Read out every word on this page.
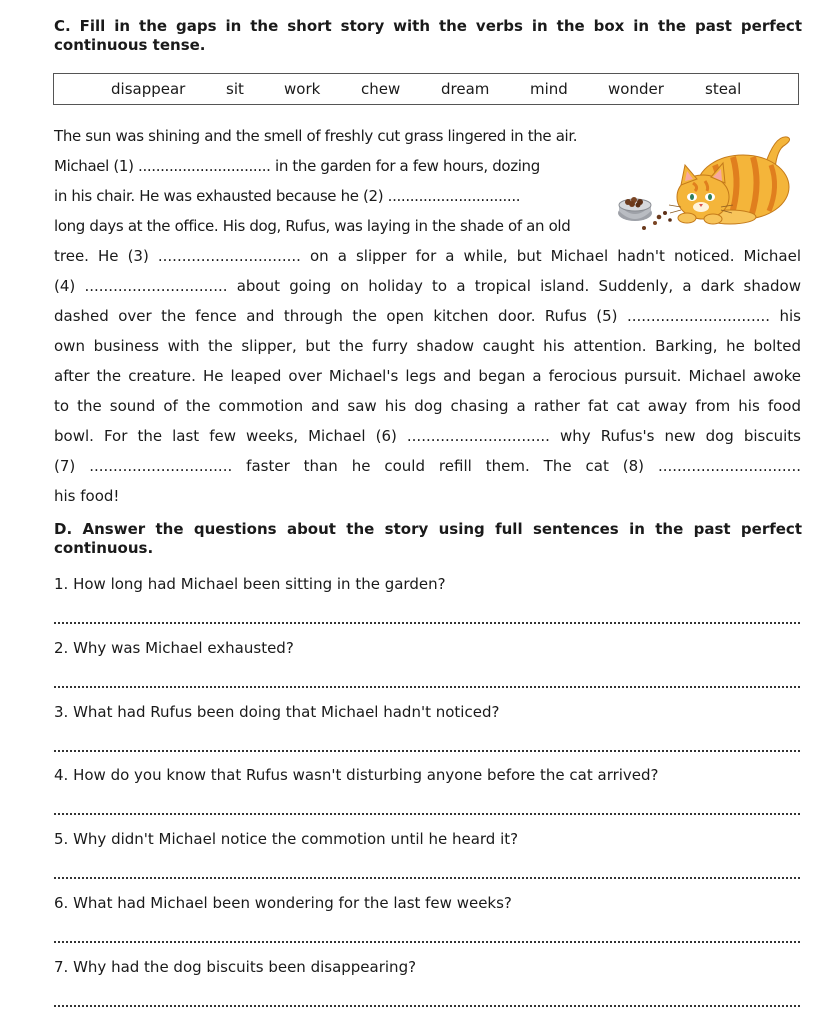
C. Fill in the gaps in the short story with the verbs in the box in the past perfect continuous tense.

disappear	sit	work	chew	dream	mind	wonder	steal
The sun was shining and the smell of freshly cut grass lingered in the air.
Michael (1) .............................. in the garden for a few hours, dozing
in his chair. He was exhausted because he (2) ..............................
long days at the office. His dog, Rufus, was laying in the shade of an old
tree. He (3) .............................. on a slipper for a while, but Michael hadn't noticed. Michael
(4) .............................. about going on holiday to a tropical island. Suddenly, a dark shadow
dashed over the fence and through the open kitchen door. Rufus (5) .............................. his
own business with the slipper, but the furry shadow caught his attention. Barking, he bolted
after the creature. He leaped over Michael's legs and began a ferocious pursuit. Michael awoke
to the sound of the commotion and saw his dog chasing a rather fat cat away from his food
bowl. For the last few weeks, Michael (6) .............................. why Rufus's new dog biscuits
(7) .............................. faster than he could refill them. The cat (8) ..............................
his food!

D. Answer the questions about the story using full sentences in the past perfect continuous.

1. How long had Michael been sitting in the garden?
2. Why was Michael exhausted?
3. What had Rufus been doing that Michael hadn't noticed?
4. How do you know that Rufus wasn't disturbing anyone before the cat arrived?
5. Why didn't Michael notice the commotion until he heard it?
6. What had Michael been wondering for the last few weeks?
7. Why had the dog biscuits been disappearing?
